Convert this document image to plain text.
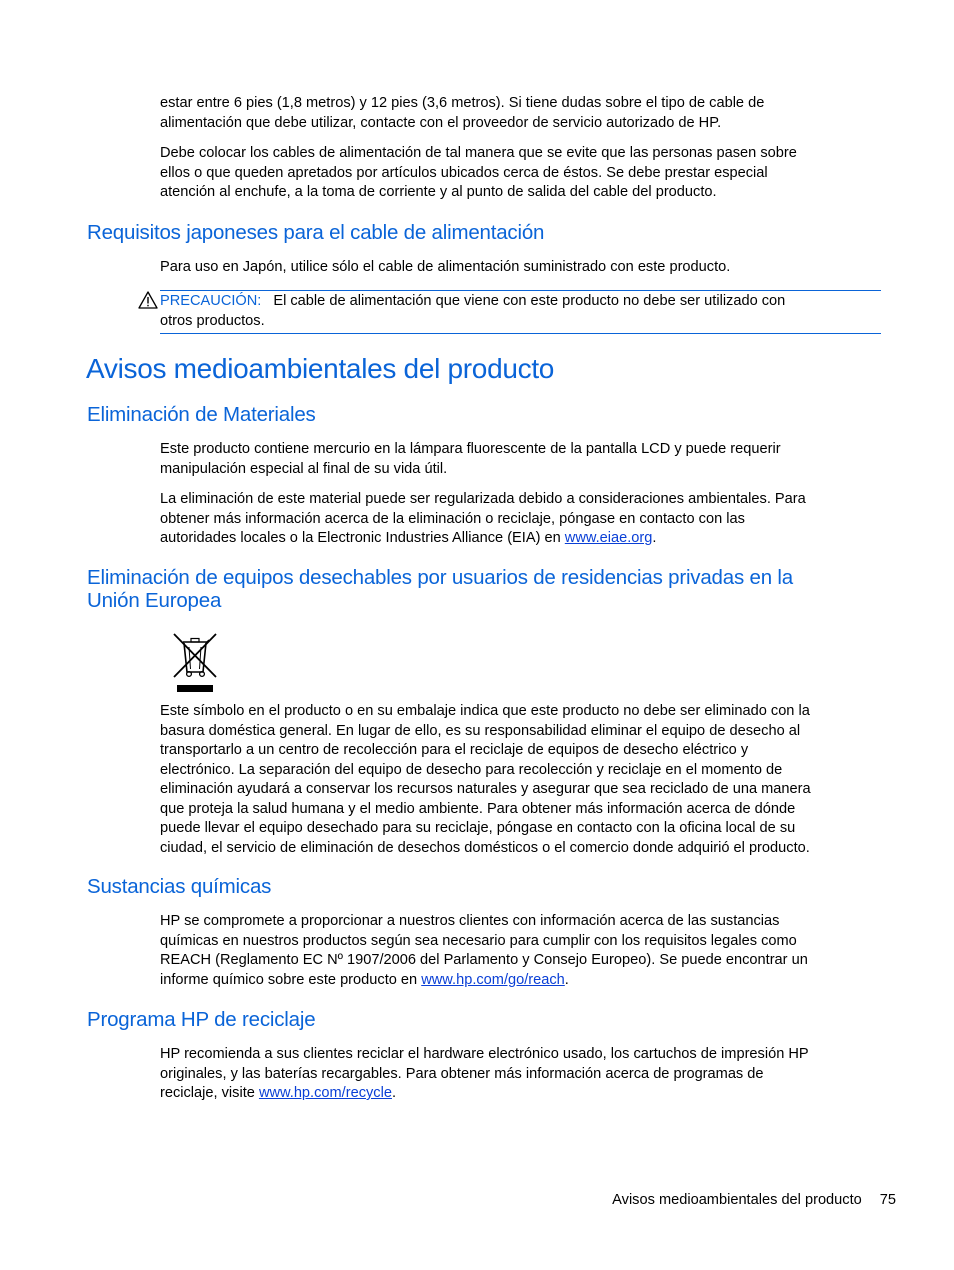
estar entre 6 pies (1,8 metros) y 12 pies (3,6 metros). Si tiene dudas sobre el tipo de cable de
alimentación que debe utilizar, contacte con el proveedor de servicio autorizado de HP.

Debe colocar los cables de alimentación de tal manera que se evite que las personas pasen sobre
ellos o que queden apretados por artículos ubicados cerca de éstos. Se debe prestar especial
atención al enchufe, a la toma de corriente y al punto de salida del cable del producto.

Requisitos japoneses para el cable de alimentación

Para uso en Japón, utilice sólo el cable de alimentación suministrado con este producto.

PRECAUCIÓN: El cable de alimentación que viene con este producto no debe ser utilizado con
otros productos.
Avisos medioambientales del producto
Eliminación de Materiales

Este producto contiene mercurio en la lámpara fluorescente de la pantalla LCD y puede requerir
manipulación especial al final de su vida útil.

La eliminación de este material puede ser regularizada debido a consideraciones ambientales. Para
obtener más información acerca de la eliminación o reciclaje, póngase en contacto con las
autoridades locales o la Electronic Industries Alliance (EIA) en www.eiae.org.

Eliminación de equipos desechables por usuarios de residencias privadas en la
Unión Europea

Este símbolo en el producto o en su embalaje indica que este producto no debe ser eliminado con la
basura doméstica general. En lugar de ello, es su responsabilidad eliminar el equipo de desecho al
transportarlo a un centro de recolección para el reciclaje de equipos de desecho eléctrico y
electrónico. La separación del equipo de desecho para recolección y reciclaje en el momento de
eliminación ayudará a conservar los recursos naturales y asegurar que sea reciclado de una manera
que proteja la salud humana y el medio ambiente. Para obtener más información acerca de dónde
puede llevar el equipo desechado para su reciclaje, póngase en contacto con la oficina local de su
ciudad, el servicio de eliminación de desechos domésticos o el comercio donde adquirió el producto.

Sustancias químicas

HP se compromete a proporcionar a nuestros clientes con información acerca de las sustancias
químicas en nuestros productos según sea necesario para cumplir con los requisitos legales como
REACH (Reglamento EC Nº 1907/2006 del Parlamento y Consejo Europeo). Se puede encontrar un
informe químico sobre este producto en www.hp.com/go/reach.

Programa HP de reciclaje

HP recomienda a sus clientes reciclar el hardware electrónico usado, los cartuchos de impresión HP
originales, y las baterías recargables. Para obtener más información acerca de programas de
reciclaje, visite www.hp.com/recycle.

Avisos medioambientales del producto 75
